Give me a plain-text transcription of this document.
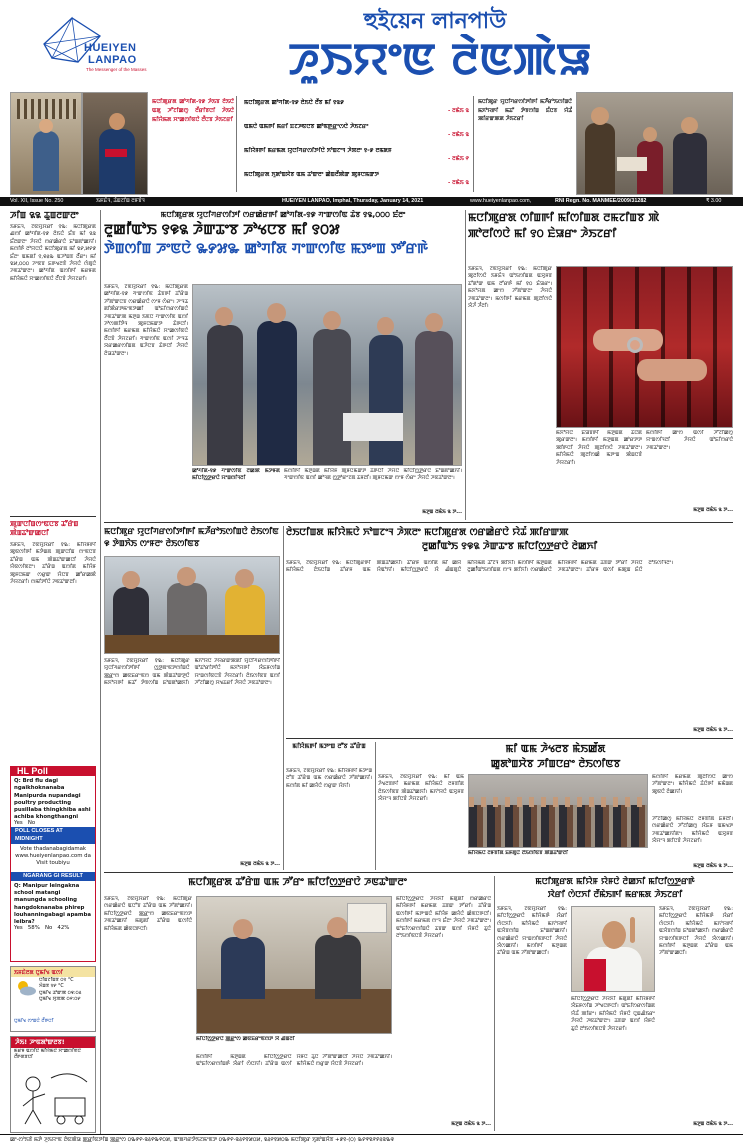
HUEIYEN
LANPAO
The Messenger of the Masses
হুইয়েন লানপাউ
ꯍꯨꯏꯌꯦꯟ ꯂꯥꯟꯄꯥꯎ
ꯃꯅꯤꯄꯨꯔꯗ ꯀꯣꯚꯤꯗ-꯱꯹ ꯍꯥꯏꯕ ꯂꯥꯏꯅꯥ ꯑꯗꯨ ꯍꯧꯖꯤꯀꯁꯨ ꯂꯩꯔꯤꯕꯅꯤ ꯍꯥꯏꯅꯥ ꯃꯤꯌꯥꯃꯗ ꯆꯦꯀꯁꯤꯟꯅꯥ ꯂꯩꯅꯕ ꯍꯥꯏꯖꯔꯤ
ꯃꯅꯤꯄꯨꯔꯗ ꯀꯣꯚꯤꯗ-꯱꯹ ꯂꯥꯏꯅꯥ ꯂꯩꯕ ꯃꯤ ꯱꯲꯹
- ꯂꯃꯥꯏ ꯲
ꯑꯃꯅꯥ ꯑꯃꯒꯤ ꯃꯔꯤ ꯐꯖꯍꯟꯅꯕ ꯀꯣꯟꯒ꯭ꯔꯦꯁꯅꯥ ꯍꯥꯏꯖꯔꯦ
- ꯂꯃꯥꯏ ꯲
ꯃꯤꯌꯥꯝꯒꯤ ꯃꯔꯃꯗ ꯌꯨꯅꯤꯚꯔꯁꯤꯇꯤꯅꯥ ꯈꯣꯡꯖꯦꯜ ꯍꯥꯞꯂꯦ ꯱-꯹ ꯂꯃꯗꯝ
- ꯂꯃꯥꯏ ꯵
ꯃꯅꯤꯄꯨꯔꯗ ꯈꯨꯗꯣꯡꯆꯥꯕ ꯑꯃ ꯊꯣꯛꯂꯦ ꯀꯥꯡꯂꯩꯄꯥꯛ ꯄꯨꯝꯅꯃꯛꯇ
- ꯂꯃꯥꯏ ꯲
ꯃꯅꯤꯄꯨꯔ ꯌꯨꯅꯤꯚꯔꯁꯤꯇꯤꯒꯤ ꯃꯍꯩꯔꯣꯏꯁꯤꯡꯅꯥ ꯃꯈꯣꯌꯒꯤ ꯃꯊꯧ ꯇꯥꯕꯁꯤꯡ ꯐꯪꯅꯕ ꯌꯥꯊꯪ ꯄꯤꯔꯛꯄꯗ ꯍꯥꯏꯖꯔꯤ
Vol. XII, Issue No. 250	ꯏꯝꯐꯥꯜ, ꯊꯥꯡꯖꯤꯡ ꯂꯝꯕꯥꯜ	HUEIYEN LANPAO, Imphal, Thursday, January 14, 2021	www.hueiyenlanpao.com,	RNI Regn. No. MANMEE/2009/31282	₹ 3.00
ꯍꯤꯡ ꯲꯲ ꯊꯨꯡꯂꯛꯂꯦ
ꯏꯝꯐꯥꯜ, ꯖꯥꯟꯌꯨꯋꯔꯤ ꯱꯳: ꯃꯅꯤꯄꯨꯔꯗ ꯉꯁꯤ ꯀꯣꯚꯤꯗ-꯱꯹ ꯂꯥꯏꯅꯥ ꯐꯪꯕ ꯃꯤ ꯲꯲ ꯐꯪꯂꯛꯂꯦ ꯍꯥꯌꯅꯥ ꯁꯔꯀꯥꯔꯅꯥ ꯐꯣꯡꯗꯣꯀꯈꯤ। ꯃꯁꯤꯒꯥ ꯂꯣꯌꯅꯅꯥ ꯃꯅꯤꯄꯨꯔꯗ ꯃꯤ ꯲꯸,꯷꯸꯹ ꯐꯪꯂꯦ ꯑꯃꯗꯤ ꯱,꯶꯴꯳ ꯑꯍꯣꯡꯕ ꯂꯩꯔꯦ। ꯃꯤ ꯲꯷,꯰꯰꯰ ꯍꯦꯟꯕ ꯐꯒꯠꯂꯕꯥ ꯍꯥꯌꯅꯥ ꯁꯥꯗꯨꯅꯥ ꯍꯟꯊꯣꯛꯂꯦ। ꯀꯣꯚꯤꯗ ꯑꯁꯤꯒꯤ ꯃꯔꯝꯗ ꯃꯤꯌꯥꯃꯅꯥ ꯆꯦꯀꯁꯤꯟꯅꯥ ꯂꯩꯅꯕꯥ ꯍꯥꯌꯖꯔꯤ।
ꯄꯨꯛꯅꯤꯡꯁꯦꯟꯅꯕ ꯊꯧꯔꯥꯡ ꯄꯥꯡꯊꯣꯛꯀꯅꯤ
ꯏꯝꯐꯥꯜ, ꯖꯥꯟꯌꯨꯋꯔꯤ ꯱꯳: ꯃꯤꯌꯥꯝꯒꯤ ꯄꯨꯟꯁꯤꯒꯤ ꯃꯇꯥꯡꯗ ꯄꯨꯛꯅꯤꯡ ꯁꯦꯟꯅꯕ ꯊꯧꯔꯥꯡ ꯑꯃ ꯄꯥꯡꯊꯣꯛꯀꯅꯤ ꯍꯥꯌꯅꯥ ꯌꯥꯟꯁꯤꯟꯂꯦ। ꯊꯧꯔꯥꯡ ꯑꯁꯤꯗ ꯃꯤꯌꯥꯝ ꯄꯨꯝꯅꯃꯛ ꯁꯔꯨꯛ ꯌꯥꯅꯕ ꯀꯧꯔꯀꯄꯥ ꯍꯥꯌꯖꯔꯤ। ꯁꯃꯤꯇꯤꯅꯥ ꯍꯟꯊꯣꯛꯂꯤ।
HL Poll
Q: Brd flu dagi ngaikhoknanaba Manipurda nupandagi poultry producting pusillaba thingkhiba ashi achiba khongthangni
Yes   No
POLL CLOSES AT MIDNIGHT
Vote thadanabagidamak www.hueiyenlanpao.com da Visit toubiyu
NGARANG GI RESULT
Q: Manipur leingakna school matangi manungda schooling hangdoknanaba phirep louhanningabagi apamba leibra?
Yes   58%   No   42%
ꯏꯝꯐꯥꯂꯗ ꯅꯨꯃꯤꯠ ꯑꯁꯤ
ꯅꯤꯡꯖꯤꯡꯕ ꯰꯱ °C
ꯈꯥꯡꯕ ꯱꯸ °C
ꯅꯨꯃꯤꯠ ꯊꯣꯛꯄ ꯰꯶:꯰꯴
ꯅꯨꯃꯤꯠ ꯆꯨꯞꯄ ꯰꯵:꯰꯸
ꯅꯨꯃꯤꯠ ꯁꯦꯡꯅꯥ ꯂꯩꯒꯅꯤ
ꯍꯥꯏ! ꯍꯦꯟꯗꯣꯛꯂꯕ!
ꯃꯔꯝ ꯑꯁꯤꯅꯥ ꯃꯤꯌꯥꯃꯅꯥ ꯆꯦꯀꯁꯤꯟꯅꯥ ꯂꯩꯒꯗꯕꯅꯤ
ꯃꯅꯤꯄꯨꯔꯗ ꯌꯨꯅꯤꯚꯔꯁꯤꯇꯤ ꯁꯔꯀꯥꯔꯒꯤ ꯀꯣꯚꯤꯗ-꯱꯹ ꯚꯦꯛꯁꯤꯟ ꯊꯥꯕ ꯱꯲,꯰꯰꯰ ꯐꯪꯂꯦ
ꯂꯨꯀꯤꯪꯑꯣꯏ ꯱꯶꯲ ꯍꯥꯛꯊꯦꯕ ꯍꯣꯠꯅꯕ ꯃꯤ ꯱꯰꯷
ꯇꯥꯡꯁꯤꯡ ꯍꯦꯟꯅꯥ ꯳꯸꯷꯳ ꯀꯣꯚꯤꯗ ꯚꯦꯛꯁꯤꯟ ꯃꯇꯦꯡ ꯇꯧꯔꯒꯥ
ꯏꯝꯐꯥꯜ, ꯖꯥꯟꯌꯨꯋꯔꯤ ꯱꯳: ꯃꯅꯤꯄꯨꯔꯗ ꯀꯣꯚꯤꯗ-꯱꯹ ꯚꯦꯛꯁꯤꯟ ꯊꯥꯕꯒꯤ ꯊꯧꯔꯥꯡ ꯍꯧꯗꯣꯛꯅꯕ ꯁꯔꯀꯥꯔꯅꯥ ꯁꯦꯝ ꯁꯥꯔꯦ। ꯍꯦꯜꯊ ꯗꯤꯄꯥꯔꯇꯃꯦꯟꯇꯀꯤ ꯑꯣꯐꯤꯁꯔꯁꯤꯡꯅꯥ ꯍꯟꯊꯣꯛꯄ ꯃꯇꯨꯡ ꯏꯟꯅ ꯚꯦꯛꯁꯤꯟ ꯑꯁꯤ ꯍꯣꯁꯄꯤꯇꯥꯜ ꯄꯨꯝꯅꯃꯛꯇ ꯊꯥꯒꯅꯤ। ꯃꯁꯤꯒꯤ ꯃꯔꯃꯗ ꯃꯤꯌꯥꯃꯅꯥ ꯆꯦꯀꯁꯤꯟꯅꯥ ꯂꯩꯅꯕꯥ ꯍꯥꯌꯖꯔꯤ। ꯚꯦꯛꯁꯤꯟ ꯑꯁꯤ ꯍꯦꯜꯊ ꯋꯔꯀꯔꯁꯤꯡꯗ ꯑꯍꯥꯅꯕ ꯊꯥꯒꯅꯤ ꯍꯥꯌꯅꯥ ꯂꯥꯎꯊꯣꯛꯂꯦ।
ꯀꯣꯚꯤꯗ-꯱꯹ ꯚꯦꯛꯁꯤꯟ ꯂꯥꯀꯄꯥ ꯃꯇꯝꯗ ꯃꯤꯅꯤꯁ꯭ꯇꯔꯅꯥ ꯌꯦꯡꯁꯤꯜꯂꯤ
ꯃꯁꯤꯒꯤ ꯃꯇꯨꯡꯗ ꯃꯤꯌꯥꯝ ꯄꯨꯝꯅꯃꯛꯇ ꯊꯥꯒꯅꯤ ꯍꯥꯌꯅꯥ ꯃꯤꯅꯤꯁ꯭ꯇꯔꯅꯥ ꯐꯣꯡꯗꯣꯀꯈꯤ। ꯚꯦꯛꯁꯤꯟ ꯑꯁꯤ ꯀꯣꯜꯗ ꯁ꯭ꯇꯣꯔꯦꯖꯗ ꯊꯝꯂꯤ। ꯄꯨꯝꯅꯃꯛ ꯁꯦꯝ ꯁꯥꯔꯦ ꯍꯥꯌꯅꯥ ꯍꯟꯊꯣꯛꯂꯦ।
ꯃꯇꯨꯡ ꯂꯃꯥꯏ ꯲ ꯇ...
ꯃꯅꯤꯄꯨꯔꯗ ꯁꯤꯡꯒꯤ ꯃꯤꯁꯤꯡꯗ ꯂꯃꯖꯤꯡꯕ ꯄꯥ
ꯄꯣꯂꯤꯁꯅꯥ ꯃꯤ ꯱꯰ ꯐꯥꯎꯔꯦ ꯍꯥꯏꯖꯔꯤ
ꯏꯝꯐꯥꯜ, ꯖꯥꯟꯌꯨꯋꯔꯤ ꯱꯳: ꯃꯅꯤꯄꯨꯔ ꯄꯨꯂꯤꯁꯅꯥ ꯏꯝꯐꯥꯜ ꯑꯣꯏꯁꯤꯡꯗ ꯑꯆꯨꯝꯕ ꯊꯧꯗꯣꯛ ꯑꯃ ꯂꯧꯔꯒꯥ ꯃꯤ ꯱꯰ ꯐꯥꯎꯔꯦ। ꯃꯈꯣꯌꯗ ꯀꯦꯁ ꯍꯧꯗꯣꯛꯂꯦ ꯍꯥꯌꯅꯥ ꯍꯟꯊꯣꯛꯂꯦ। ꯃꯁꯤꯒꯤ ꯃꯔꯃꯗ ꯄꯨꯂꯤꯁꯅꯥ ꯋꯥꯍꯪ ꯍꯪꯂꯤ।
ꯃꯈꯣꯌꯅꯥ ꯐꯥꯎꯕꯒꯤ ꯃꯇꯨꯡꯗ ꯊꯥꯅꯥꯗ ꯄꯨꯔꯛꯂꯦ। ꯃꯁꯤꯒꯤ ꯃꯇꯨꯡꯗ ꯀꯣꯔꯇꯇ ꯄꯤꯒꯅꯤ ꯍꯥꯌꯅꯥ ꯄꯨꯂꯤꯁꯅꯥ ꯍꯟꯊꯣꯛꯂꯦ। ꯃꯤꯌꯥꯃꯅꯥ ꯄꯨꯂꯤꯁꯀꯥ ꯃꯇꯦꯡ ꯄꯥꯡꯅꯕꯥ ꯍꯥꯌꯖꯔꯤ।
ꯃꯁꯤꯒꯤ ꯀꯦꯁ ꯑꯁꯤ ꯍꯧꯖꯤꯀꯁꯨ ꯌꯦꯡꯁꯤꯜꯂꯤ ꯍꯥꯌꯅꯥ ꯑꯣꯐꯤꯁꯔꯅꯥ ꯍꯟꯊꯣꯛꯂꯦ।
ꯃꯇꯨꯡ ꯂꯃꯥꯏ ꯲ ꯇ...
ꯃꯅꯤꯄꯨꯔ ꯌꯨꯅꯤꯚꯔꯁꯤꯇꯤꯒꯤ ꯃꯍꯩꯔꯣꯏꯁꯤꯡꯅꯥ ꯂꯥꯏꯁꯤꯟ
꯶ ꯇꯥꯡꯈꯥꯏ ꯁꯦꯝꯂꯦ ꯂꯥꯏꯁꯤꯟꯕ
ꯏꯝꯐꯥꯜ, ꯖꯥꯟꯌꯨꯋꯔꯤ ꯱꯳: ꯃꯅꯤꯄꯨꯔ ꯌꯨꯅꯤꯚꯔꯁꯤꯇꯤꯒꯤ ꯁ꯭ꯇꯨꯗꯦꯟꯇꯁꯤꯡꯅꯥ ꯄ꯭ꯔꯦꯁ ꯀꯟꯐꯔꯦꯟꯁ ꯑꯃ ꯄꯥꯡꯊꯣꯛꯇꯨꯅꯥ ꯃꯈꯣꯌꯒꯤ ꯃꯊꯧ ꯇꯥꯕꯁꯤꯡ ꯐꯣꯡꯗꯣꯀꯈꯤ। ꯃꯈꯣꯌꯅꯥ ꯍꯥꯌꯔꯛꯄꯗꯤ ꯌꯨꯅꯤꯚꯔꯁꯤꯇꯤꯒꯤ ꯑꯣꯊꯣꯔꯤꯇꯤꯅꯥ ꯃꯈꯣꯌꯒꯤ ꯋꯥꯐꯝꯁꯤꯡ ꯌꯦꯡꯁꯤꯟꯅꯕꯥ ꯍꯥꯌꯖꯔꯤ। ꯂꯥꯏꯁꯤꯟꯕ ꯑꯁꯤ ꯍꯧꯖꯤꯀꯁꯨ ꯆꯠꯊꯔꯤ ꯍꯥꯌꯅꯥ ꯍꯟꯊꯣꯛꯂꯦ।
ꯃꯇꯨꯡ ꯂꯃꯥꯏ ꯲ ꯇ...
ꯂꯥꯏꯅꯤꯡꯗ ꯃꯤꯌꯥꯃꯅꯥ ꯈꯣꯡꯖꯦꯜ ꯍꯥꯞꯂꯦ ꯃꯅꯤꯄꯨꯔꯗ ꯁꯔꯀꯥꯔꯅꯥ ꯌꯥꯊꯪ ꯄꯤꯔꯛꯄ
ꯂꯨꯀꯤꯪꯑꯣꯏ ꯱꯶꯲ ꯍꯥꯛꯊꯦꯕ ꯃꯤꯅꯤꯁ꯭ꯇꯔꯅꯥ ꯂꯥꯀꯈꯤ
ꯏꯝꯐꯥꯜ, ꯖꯥꯟꯌꯨꯋꯔꯤ ꯱꯳: ꯃꯅꯤꯄꯨꯔꯒꯤ ꯃꯤꯌꯥꯃꯅꯥ ꯂꯥꯏꯅꯤꯡ ꯊꯧꯔꯝ ꯑꯃ ꯄꯥꯡꯊꯣꯀꯈꯤ। ꯊꯧꯔꯝ ꯑꯁꯤꯗ ꯃꯤ ꯀꯌꯥ ꯌꯥꯑꯣꯈꯤ। ꯃꯤꯅꯤꯁ꯭ꯇꯔꯅꯥ ꯋꯥ ꯉꯥꯡꯗꯨꯅꯥ ꯃꯤꯌꯥꯃꯗ ꯊꯧꯖꯥꯜ ꯄꯤꯈꯤ। ꯃꯁꯤꯒꯤ ꯃꯇꯨꯡꯗ ꯂꯨꯀꯤꯪꯑꯣꯏꯁꯤꯡꯗ ꯁꯦꯜ ꯄꯤꯈꯤ। ꯁꯔꯀꯥꯔꯅꯥ ꯃꯤꯌꯥꯝꯒꯤ ꯃꯔꯃꯗ ꯊꯕꯛ ꯇꯧꯔꯤ ꯍꯥꯌꯅꯥ ꯍꯟꯊꯣꯛꯂꯦ। ꯊꯧꯔꯝ ꯑꯁꯤ ꯃꯄꯨꯡ ꯐꯥꯅꯥ ꯂꯣꯏꯁꯤꯜꯂꯦ।
ꯃꯇꯨꯡ ꯂꯃꯥꯏ ꯲ ꯇ...
ꯃꯤꯌꯥꯃꯒꯤ ꯃꯇꯦꯡ ꯂꯧꯕ ꯊꯧꯔꯥꯡ
ꯏꯝꯐꯥꯜ, ꯖꯥꯟꯌꯨꯋꯔꯤ ꯱꯳: ꯃꯤꯌꯥꯝꯒꯤ ꯃꯇꯦꯡ ꯂꯧꯕ ꯊꯧꯔꯥꯡ ꯑꯃ ꯁꯔꯀꯥꯔꯅꯥ ꯍꯧꯗꯣꯀꯈꯤ। ꯃꯁꯤꯗ ꯃꯤ ꯀꯌꯥꯅꯥ ꯁꯔꯨꯛ ꯌꯥꯈꯤ।
ꯃꯤ ꯑꯃ ꯍꯥꯠꯂꯕ ꯃꯥꯏꯀꯩꯗ
ꯀꯨꯗꯣꯡꯆꯥꯕ ꯍꯤꯡꯅꯔꯦ ꯂꯥꯏꯁꯤꯟꯕ
ꯏꯝꯐꯥꯜ, ꯖꯥꯟꯌꯨꯋꯔꯤ ꯱꯳: ꯃꯤ ꯑꯃ ꯍꯥꯠꯂꯕꯒꯤ ꯃꯔꯃꯗ ꯃꯤꯌꯥꯃꯅꯥ ꯂꯝꯕꯤꯗ ꯂꯥꯏꯁꯤꯟꯕ ꯄꯥꯡꯊꯣꯀꯈꯤ। ꯃꯈꯣꯌꯅꯥ ꯑꯆꯨꯝꯕ ꯋꯥꯌꯦꯜ ꯄꯤꯅꯕꯥ ꯍꯥꯌꯖꯔꯤ।
ꯃꯤꯌꯥꯃꯅꯥ ꯂꯝꯕꯤꯗ ꯐꯝꯗꯨꯅꯥ ꯂꯥꯏꯁꯤꯟꯕ ꯄꯥꯡꯊꯣꯛꯂꯤ
ꯃꯁꯤꯒꯤ ꯃꯔꯃꯗ ꯄꯨꯂꯤꯁꯅꯥ ꯀꯦꯁ ꯍꯧꯗꯣꯛꯂꯦ। ꯃꯤꯌꯥꯃꯅꯥ ꯊꯥꯅꯥꯒꯤ ꯃꯃꯥꯡꯗ ꯄꯨꯟꯅꯥ ꯂꯥꯀꯈꯤ।
ꯍꯧꯖꯤꯀꯁꯨ ꯃꯤꯌꯥꯃꯅꯥ ꯂꯝꯕꯤꯗ ꯐꯝꯂꯤ। ꯁꯔꯀꯥꯔꯅꯥ ꯍꯧꯖꯤꯀꯁꯨ ꯋꯥꯐꯝ ꯑꯃꯠꯇ ꯍꯟꯊꯣꯀꯈꯤꯗꯦ। ꯃꯤꯌꯥꯃꯅꯥ ꯑꯆꯨꯝꯕ ꯋꯥꯌꯦꯜ ꯄꯤꯅꯕꯥ ꯍꯥꯌꯖꯔꯤ।
ꯃꯇꯨꯡ ꯂꯃꯥꯏ ꯲ ꯇ...
ꯃꯅꯤꯄꯨꯔꯗ ꯊꯧꯔꯥꯡ ꯑꯃ ꯍꯧꯔꯦ ꯃꯤꯅꯤꯁ꯭ꯇꯔꯅꯥ ꯍꯟꯊꯣꯛꯂꯦ
ꯏꯝꯐꯥꯜ, ꯖꯥꯟꯌꯨꯋꯔꯤ ꯱꯳: ꯃꯅꯤꯄꯨꯔ ꯁꯔꯀꯥꯔꯅꯥ ꯑꯅꯧꯕ ꯊꯧꯔꯥꯡ ꯑꯃ ꯍꯧꯗꯣꯀꯈꯤ। ꯃꯤꯅꯤꯁ꯭ꯇꯔꯅꯥ ꯄ꯭ꯔꯦꯁ ꯀꯟꯐꯔꯦꯟꯁꯇ ꯍꯟꯊꯣꯀꯈꯤ ꯃꯗꯨꯗꯤ ꯊꯧꯔꯥꯡ ꯑꯁꯤꯅꯥ ꯃꯤꯌꯥꯃꯗ ꯀꯥꯟꯅꯒꯅꯤ।
ꯃꯤꯅꯤꯁ꯭ꯇꯔꯅꯥ ꯄ꯭ꯔꯦꯁ ꯀꯟꯐꯔꯦꯟꯁꯇ ꯋꯥ ꯉꯥꯡꯂꯤ
ꯃꯁꯤꯒꯤ ꯃꯇꯨꯡꯗ ꯃꯤꯅꯤꯁ꯭ꯇꯔꯅꯥ ꯑꯣꯐꯤꯁꯔꯁꯤꯡꯒꯥ ꯋꯥꯔꯤ ꯁꯥꯅꯈꯤ। ꯊꯧꯔꯥꯡ ꯑꯁꯤ ꯌꯥꯝꯅꯥ ꯊꯨꯅꯥ ꯍꯧꯗꯣꯛꯀꯅꯤ ꯍꯥꯌꯅꯥ ꯍꯟꯊꯣꯀꯈꯤ। ꯃꯤꯌꯥꯃꯅꯥ ꯁꯔꯨꯛ ꯌꯥꯅꯕꯥ ꯍꯥꯌꯖꯔꯤ।
ꯃꯤꯅꯤꯁ꯭ꯇꯔꯅꯥ ꯍꯥꯌꯈꯤ ꯃꯗꯨꯗꯤ ꯁꯔꯀꯥꯔꯅꯥ ꯃꯤꯌꯥꯝꯒꯤ ꯃꯔꯃꯗ ꯊꯕꯛ ꯇꯧꯔꯤ। ꯊꯧꯔꯥꯡ ꯑꯁꯤꯒꯤ ꯃꯇꯦꯡꯅꯥ ꯃꯤꯌꯥꯝ ꯀꯌꯥꯅꯥ ꯀꯥꯟꯅꯒꯅꯤ। ꯃꯁꯤꯒꯤ ꯃꯔꯃꯗ ꯁꯦꯜ ꯐꯪꯂꯦ ꯍꯥꯌꯅꯥ ꯍꯟꯊꯣꯛꯂꯦ। ꯑꯣꯐꯤꯁꯔꯁꯤꯡꯅꯥ ꯊꯕꯛ ꯑꯁꯤ ꯌꯥꯝꯅꯥ ꯊꯨꯅꯥ ꯂꯣꯏꯁꯤꯟꯅꯕꯥ ꯍꯥꯌꯖꯔꯤ।
ꯃꯇꯨꯡ ꯂꯃꯥꯏ ꯲ ꯇ...
ꯃꯅꯤꯄꯨꯔꯗ ꯃꯤꯌꯥꯝ ꯌꯥꯝꯅꯥ ꯂꯥꯀꯈꯤ ꯃꯤꯅꯤꯁ꯭ꯇꯔꯒꯥ
ꯋꯥꯔꯤ ꯁꯥꯅꯈꯤ ꯂꯩꯃꯥꯏꯒꯤ ꯃꯔꯃꯗ ꯍꯥꯏꯖꯔꯤ
ꯏꯝꯐꯥꯜ, ꯖꯥꯟꯌꯨꯋꯔꯤ ꯱꯳: ꯃꯤꯅꯤꯁ꯭ꯇꯔꯅꯥ ꯃꯤꯌꯥꯃꯒꯥ ꯋꯥꯔꯤ ꯁꯥꯅꯈꯤ। ꯃꯤꯌꯥꯃꯅꯥ ꯃꯈꯣꯌꯒꯤ ꯑꯋꯥꯕꯁꯤꯡ ꯐꯣꯡꯗꯣꯀꯈꯤ। ꯁꯔꯀꯥꯔꯅꯥ ꯌꯦꯡꯁꯤꯟꯒꯅꯤ ꯍꯥꯌꯅꯥ ꯋꯥꯁꯀꯈꯤ। ꯃꯁꯤꯒꯤ ꯃꯇꯨꯡꯗ ꯊꯧꯔꯥꯡ ꯑꯃ ꯍꯧꯗꯣꯛꯀꯅꯤ।
ꯃꯤꯅꯤꯁ꯭ꯇꯔꯅꯥ ꯍꯥꯌꯈꯤ ꯃꯗꯨꯗꯤ ꯃꯤꯌꯥꯝꯒꯤ ꯋꯥꯐꯝꯁꯤꯡ ꯍꯣꯠꯅꯒꯅꯤ। ꯑꯣꯐꯤꯁꯔꯁꯤꯡꯗ ꯌꯥꯊꯪ ꯄꯤꯔꯦ। ꯃꯤꯌꯥꯃꯅꯥ ꯌꯥꯝꯅꯥ ꯅꯨꯡꯉꯥꯏꯔꯦ ꯍꯥꯌꯅꯥ ꯍꯟꯊꯣꯛꯂꯦ। ꯊꯕꯛ ꯑꯁꯤ ꯌꯥꯝꯅꯥ ꯊꯨꯅꯥ ꯂꯣꯏꯁꯤꯟꯅꯕꯥ ꯍꯥꯌꯖꯔꯤ।
ꯏꯝꯐꯥꯜ, ꯖꯥꯟꯌꯨꯋꯔꯤ ꯱꯳: ꯃꯤꯅꯤꯁ꯭ꯇꯔꯅꯥ ꯃꯤꯌꯥꯃꯒꯥ ꯋꯥꯔꯤ ꯁꯥꯅꯈꯤ। ꯃꯤꯌꯥꯃꯅꯥ ꯃꯈꯣꯌꯒꯤ ꯑꯋꯥꯕꯁꯤꯡ ꯐꯣꯡꯗꯣꯀꯈꯤ। ꯁꯔꯀꯥꯔꯅꯥ ꯌꯦꯡꯁꯤꯟꯒꯅꯤ ꯍꯥꯌꯅꯥ ꯋꯥꯁꯀꯈꯤ। ꯃꯁꯤꯒꯤ ꯃꯇꯨꯡꯗ ꯊꯧꯔꯥꯡ ꯑꯃ ꯍꯧꯗꯣꯛꯀꯅꯤ।
ꯃꯇꯨꯡ ꯂꯃꯥꯏ ꯲ ꯇ...
ꯀꯦ-ꯁꯣꯏꯕꯥ ꯃꯇꯥ ꯍꯨꯏꯌꯦꯟ ꯂꯥꯟꯄꯥꯎ ꯄ꯭ꯔꯤꯟꯇꯤꯡ ꯄ꯭ꯔꯦꯁ ꯰꯳꯸꯵-꯲꯴꯵꯳꯵꯰꯷, ꯑꯦꯗꯚꯔꯇꯥꯏꯖꯃꯦꯟꯇ ꯰꯳꯸꯵-꯲꯴꯵꯱꯷꯰꯷, ꯲꯴꯵꯱꯷꯰꯳ ꯃꯅꯤꯄꯨꯔ ꯈꯨꯗꯣꯡꯆꯥꯕ +꯹꯱-(꯰) ꯳꯸꯵꯲꯵꯸꯴꯲꯳꯶
